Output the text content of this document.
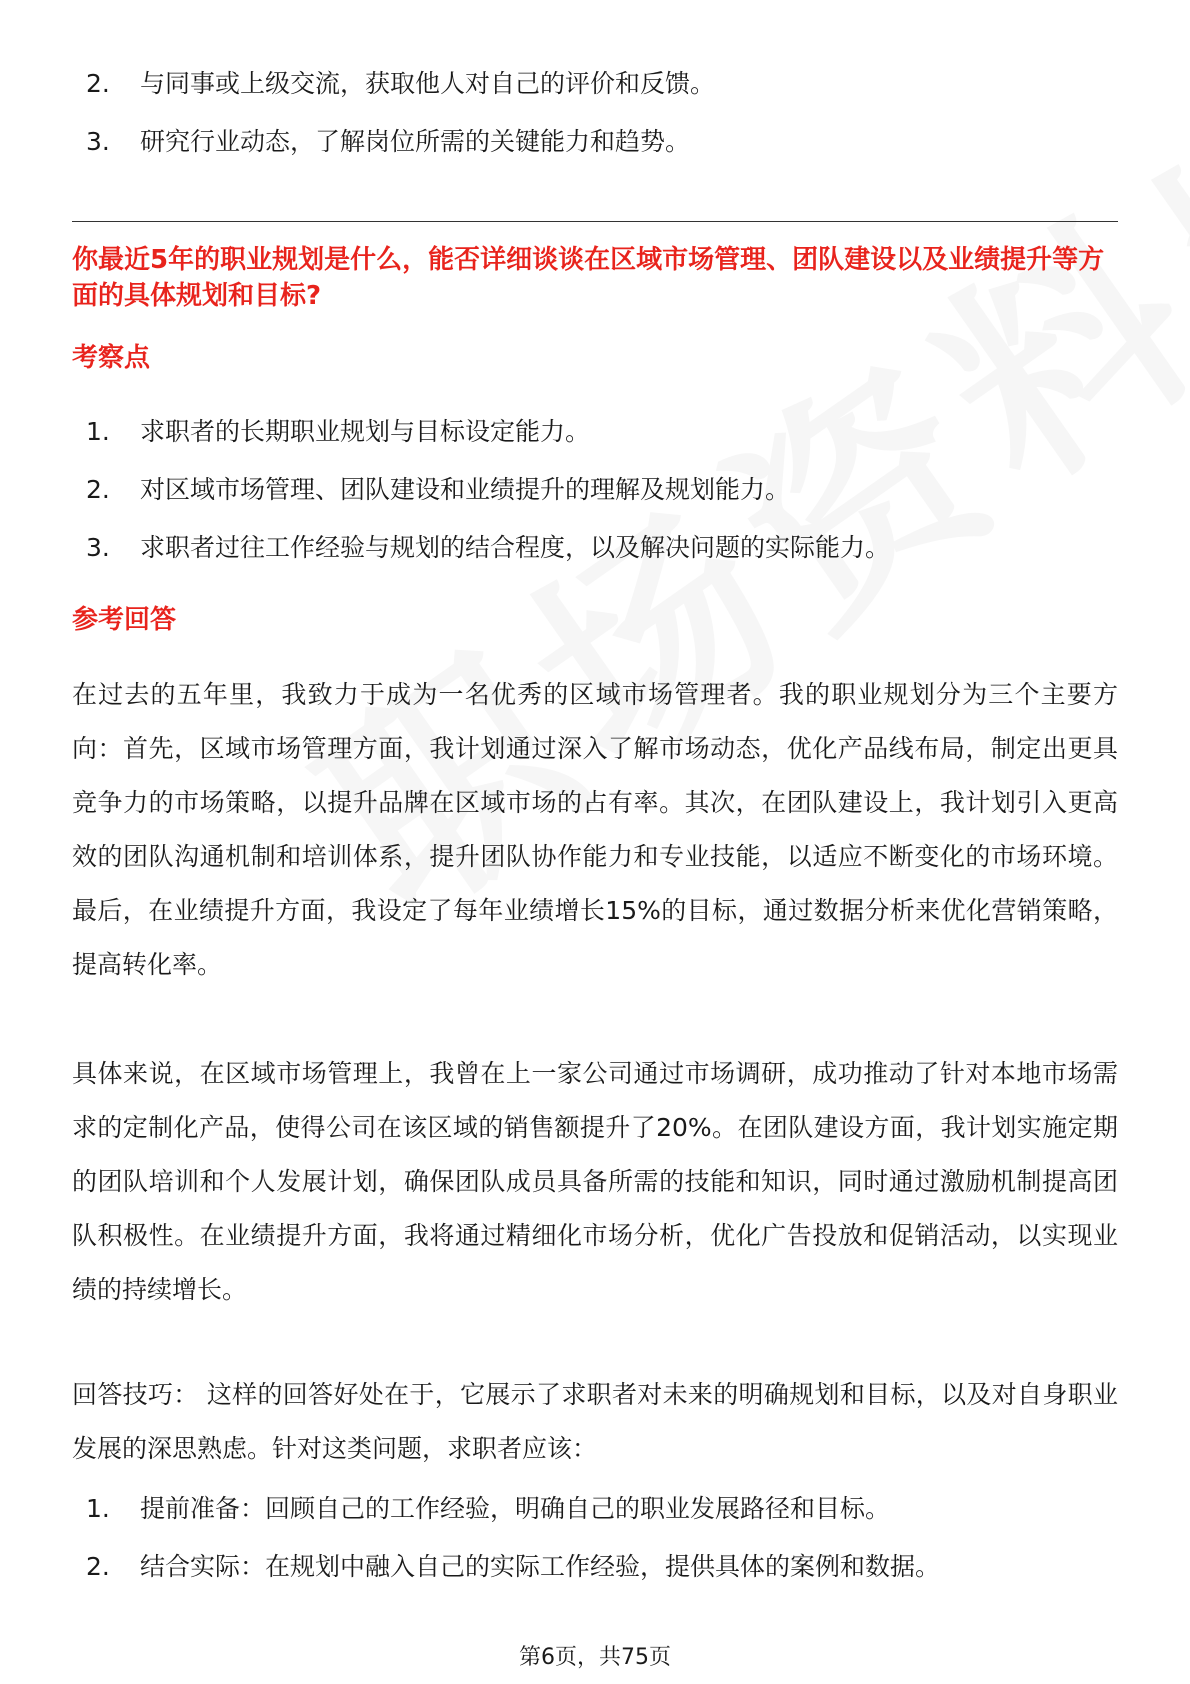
2.	与同事或上级交流，获取他人对自己的评价和反馈。
3.	研究行业动态，了解岗位所需的关键能力和趋势。
你最近5年的职业规划是什么，能否详细谈谈在区域市场管理、团队建设以及业绩提升等方面的具体规划和目标?
考察点
1.	求职者的长期职业规划与目标设定能力。
2.	对区域市场管理、团队建设和业绩提升的理解及规划能力。
3.	求职者过往工作经验与规划的结合程度，以及解决问题的实际能力。
参考回答
在过去的五年里，我致力于成为一名优秀的区域市场管理者。我的职业规划分为三个主要方向：首先，区域市场管理方面，我计划通过深入了解市场动态，优化产品线布局，制定出更具竞争力的市场策略，以提升品牌在区域市场的占有率。其次，在团队建设上，我计划引入更高效的团队沟通机制和培训体系，提升团队协作能力和专业技能，以适应不断变化的市场环境。最后，在业绩提升方面，我设定了每年业绩增长15%的目标，通过数据分析来优化营销策略，提高转化率。
具体来说，在区域市场管理上，我曾在上一家公司通过市场调研，成功推动了针对本地市场需求的定制化产品，使得公司在该区域的销售额提升了20%。在团队建设方面，我计划实施定期的团队培训和个人发展计划，确保团队成员具备所需的技能和知识，同时通过激励机制提高团队积极性。在业绩提升方面，我将通过精细化市场分析，优化广告投放和促销活动，以实现业绩的持续增长。
回答技巧： 这样的回答好处在于，它展示了求职者对未来的明确规划和目标，以及对自身职业发展的深思熟虑。针对这类问题，求职者应该：
1.	提前准备：回顾自己的工作经验，明确自己的职业发展路径和目标。
2.	结合实际：在规划中融入自己的实际工作经验，提供具体的案例和数据。
第6页，共75页
